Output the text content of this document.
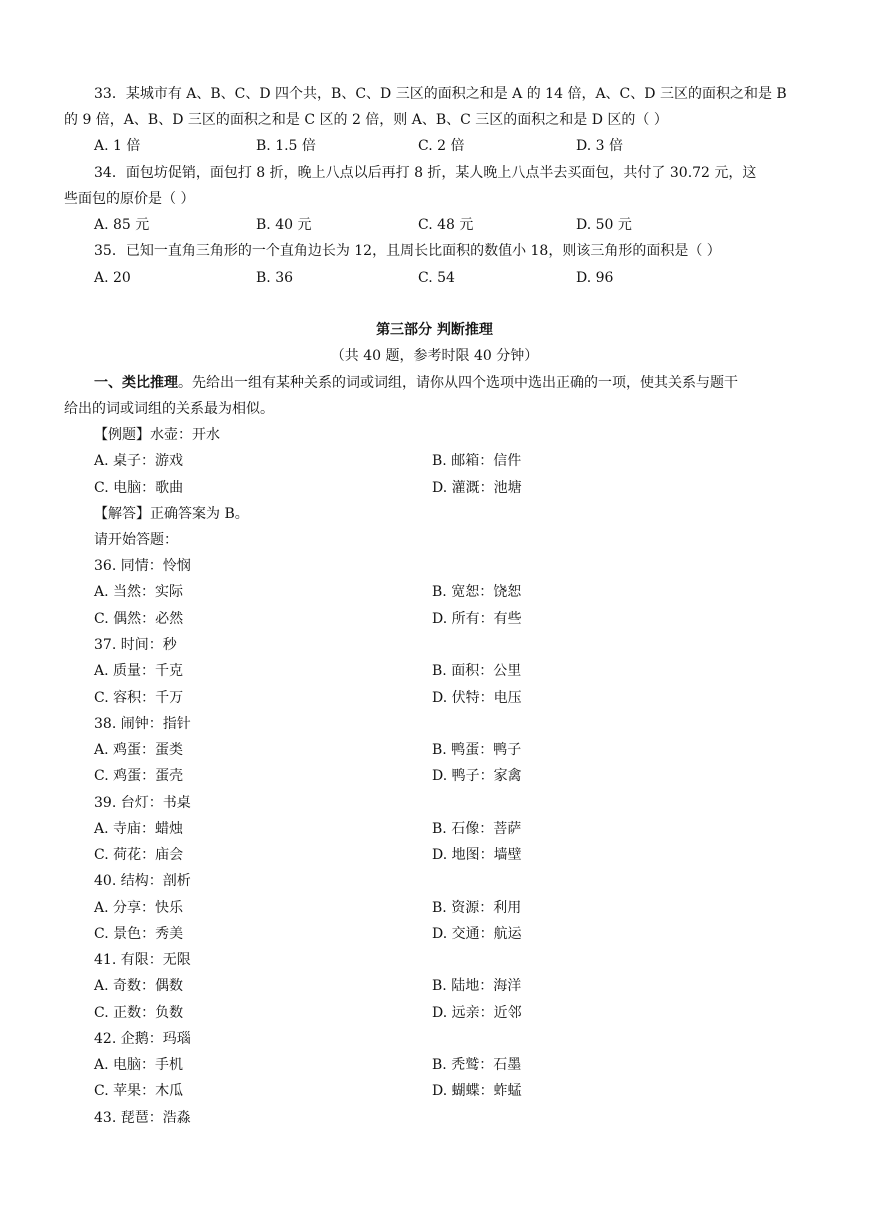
33．某城市有 A、B、C、D 四个共，B、C、D 三区的面积之和是 A 的 14 倍，A、C、D 三区的面积之和是 B
的 9 倍，A、B、D 三区的面积之和是 C 区的 2 倍，则 A、B、C 三区的面积之和是 D 区的（ ）
A. 1 倍	B. 1.5 倍	C. 2 倍	D. 3 倍
34．面包坊促销，面包打 8 折，晚上八点以后再打 8 折，某人晚上八点半去买面包，共付了 30.72 元，这
些面包的原价是（ ）
A. 85 元	B. 40 元	C. 48 元	D. 50 元
35．已知一直角三角形的一个直角边长为 12，且周长比面积的数值小 18，则该三角形的面积是（ ）
A. 20	B. 36	C. 54	D. 96
第三部分 判断推理
（共 40 题，参考时限 40 分钟）
一、类比推理。先给出一组有某种关系的词或词组，请你从四个选项中选出正确的一项，使其关系与题干
给出的词或词组的关系最为相似。
【例题】水壶：开水
A. 桌子：游戏	B. 邮箱：信件
C. 电脑：歌曲	D. 灌溉：池塘
【解答】正确答案为 B。
请开始答题：
36. 同情：怜悯
A. 当然：实际	B. 宽恕：饶恕
C. 偶然：必然	D. 所有：有些
37. 时间：秒
A. 质量：千克	B. 面积：公里
C. 容积：千万	D. 伏特：电压
38. 闹钟：指针
A. 鸡蛋：蛋类	B. 鸭蛋：鸭子
C. 鸡蛋：蛋壳	D. 鸭子：家禽
39. 台灯：书桌
A. 寺庙：蜡烛	B. 石像：菩萨
C. 荷花：庙会	D. 地图：墙壁
40. 结构：剖析
A. 分享：快乐	B. 资源：利用
C. 景色：秀美	D. 交通：航运
41. 有限：无限
A. 奇数：偶数	B. 陆地：海洋
C. 正数：负数	D. 远亲：近邻
42. 企鹅：玛瑙
A. 电脑：手机	B. 秃鹫：石墨
C. 苹果：木瓜	D. 蝴蝶：蚱蜢
43. 琵琶：浩淼
